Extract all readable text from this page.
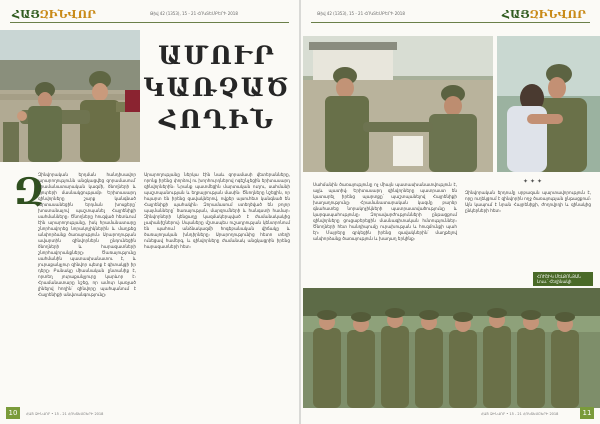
ՀԱՅԶԻՆՎՈՐ	Թիվ 42 (1353), 15 - 21 ՀՈԿՏԵՄԲԵՐԻ 2018
ԱՄՈՒՐ
ԿԱՌՉԱԾ
ՀՈՂԻՆ
Զ
Զինվորական երդման հանդիսավոր արարողությունն անցկացվեց զորամասում՝ հրամանատարական կազմի, ծնողների և հյուրերի մասնակցությամբ։ Երիտասարդ զինվորները շարք կանգնած արտասանեցին երդման խոսքերը՝ խոստանալով պաշտպանել Հայրենիքի սահմանները։ Ծնողները հուզված հետևում էին արարողությանը, իսկ հրամանատարը շնորհավորեց նորակոչիկներին և մաղթեց անփորձանք ծառայություն։ Արարողության ավարտին զինվորներն ընդունեցին ծնողների և հարազատների շնորհավորանքները։ Ծառայությունը սահմանին պատասխանատու է, և յուրաքանչյուր զինվոր պետք է գիտակցի իր դերը։ Բանակը միասնական ընտանիք է, որտեղ յուրաքանչյուրը կարևոր է։ Հրամանատարը նշեց, որ ամուր կառչած լինելով հողին՝ զինվորը պահպանում է Հայրենիքի անվտանգությունը։
Արարողությանը ներկա էին նաև զորամասի վետերանները, որոնք իրենց փորձով ու խորհուրդներով ոգեշնչեցին երիտասարդ զինվորներին։ Նրանք պատմեցին մարտական ուղու, սահմանի պաշտպանության և եղբայրության մասին։ Ծնողները նշեցին, որ հպարտ են իրենց զավակներով, ովքեր այսուհետ կանգնած են Հայրենիքի պահակին։ Զորամասում ստեղծված են բոլոր պայմանները՝ ծառայության, մարզումների և հանգստի համար։ Զինվորների կենցաղը կազմակերպված է ժամանակակից չափանիշներով։ Սպաները մշտապես ուշադրության կենտրոնում են պահում անձնակազմի հոգեբանական վիճակը և ծառայողական խնդիրները։ Արարողությունից հետո տեղի ունեցավ համերգ, և զինվորները ժամանակ անցկացրին իրենց հարազատների հետ։
10	ՀԱՅ ԶԻՆՎՈՐ • 15 - 21 ՀՈԿՏԵՄԲԵՐԻ 2018
Թիվ 42 (1353), 15 - 21 ՀՈԿՏԵՄԲԵՐԻ 2018	ՀԱՅԶԻՆՎՈՐ
Սահմանին ծառայությունը ոչ միայն պատասխանատվություն է, այլև պատիվ։ Երիտասարդ զինվորները պատրաստ են կատարել իրենց պարտքը՝ պաշտպանելով Հայրենիքի խաղաղությունը։ Հրամանատարական կազմը բարձր գնահատեց նորակոչիկների պատրաստվածությունը և կարգապահությունը։ Զորավարժությունների ընթացքում զինվորները ցուցաբերեցին մասնագիտական հմտություններ։ Ծնողների հետ հանդիպումը ուրախության և հուզմունքի պահ էր։ Մայրերը գրկեցին իրենց զավակներին՝ մաղթելով անփորձանք ծառայություն և խաղաղ երկինք։
✦✦✦
Զինվորական երդումը սրբազան պարտավորություն է, որը ուղեկցում է զինվորին ողջ ծառայության ընթացքում։ Այն կապում է նրան Հայրենիքի, ժողովրդի և զինակից ընկերների հետ։
ՀՈՒՇԻԿ ՄԵԼՔՈՆՅԱՆ
Լուս.՝ Հեղինակի
ՀԱՅ ԶԻՆՎՈՐ • 15 - 21 ՀՈԿՏԵՄԲԵՐԻ 2018	11
